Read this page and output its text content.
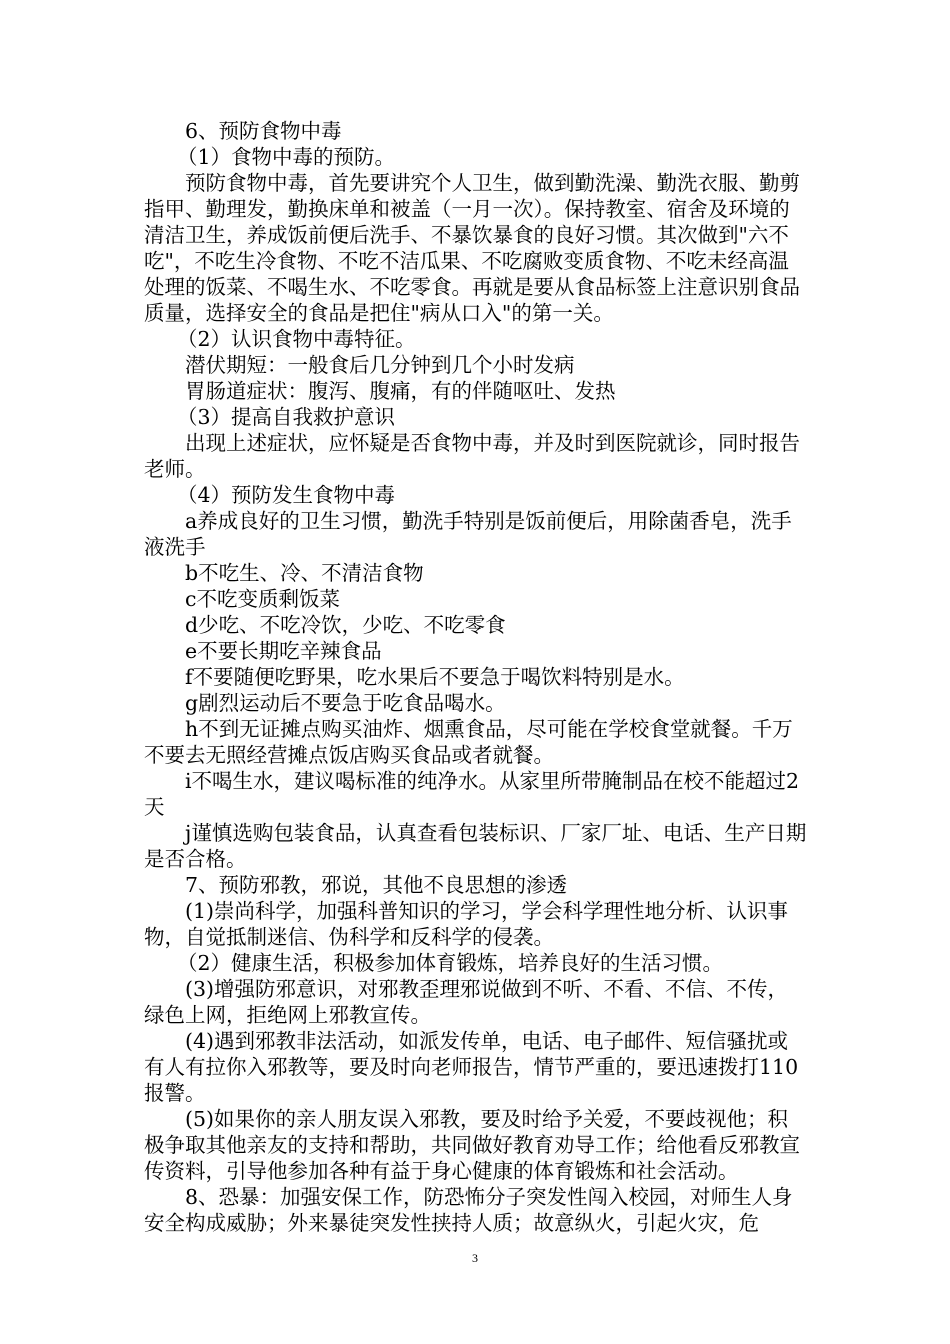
6、预防食物中毒

（1）食物中毒的预防。

预防食物中毒，首先要讲究个人卫生，做到勤洗澡、勤洗衣服、勤剪指甲、勤理发，勤换床单和被盖（一月一次）。保持教室、宿舍及环境的清洁卫生，养成饭前便后洗手、不暴饮暴食的良好习惯。其次做到"六不吃"，不吃生冷食物、不吃不洁瓜果、不吃腐败变质食物、不吃未经高温处理的饭菜、不喝生水、不吃零食。再就是要从食品标签上注意识别食品质量，选择安全的食品是把住"病从口入"的第一关。

（2）认识食物中毒特征。

潜伏期短：一般食后几分钟到几个小时发病

胃肠道症状：腹泻、腹痛，有的伴随呕吐、发热

（3）提高自我救护意识

出现上述症状，应怀疑是否食物中毒，并及时到医院就诊，同时报告老师。

（4）预防发生食物中毒

a养成良好的卫生习惯，勤洗手特别是饭前便后，用除菌香皂，洗手液洗手

b不吃生、冷、不清洁食物

c不吃变质剩饭菜

d少吃、不吃冷饮，少吃、不吃零食

e不要长期吃辛辣食品

f不要随便吃野果，吃水果后不要急于喝饮料特别是水。

g剧烈运动后不要急于吃食品喝水。

h不到无证摊点购买油炸、烟熏食品，尽可能在学校食堂就餐。千万不要去无照经营摊点饭店购买食品或者就餐。

i不喝生水，建议喝标准的纯净水。从家里所带腌制品在校不能超过2天

j谨慎选购包装食品，认真查看包装标识、厂家厂址、电话、生产日期是否合格。

7、预防邪教，邪说，其他不良思想的渗透

(1)崇尚科学，加强科普知识的学习，学会科学理性地分析、认识事物，自觉抵制迷信、伪科学和反科学的侵袭。

（2）健康生活，积极参加体育锻炼，培养良好的生活习惯。

(3)增强防邪意识，对邪教歪理邪说做到不听、不看、不信、不传，绿色上网，拒绝网上邪教宣传。

(4)遇到邪教非法活动，如派发传单，电话、电子邮件、短信骚扰或有人有拉你入邪教等，要及时向老师报告，情节严重的，要迅速拨打110报警。

(5)如果你的亲人朋友误入邪教，要及时给予关爱，不要歧视他；积极争取其他亲友的支持和帮助，共同做好教育劝导工作；给他看反邪教宣传资料，引导他参加各种有益于身心健康的体育锻炼和社会活动。

8、恐暴：加强安保工作，防恐怖分子突发性闯入校园，对师生人身安全构成威胁；外来暴徒突发性挟持人质；故意纵火，引起火灾，危

3
